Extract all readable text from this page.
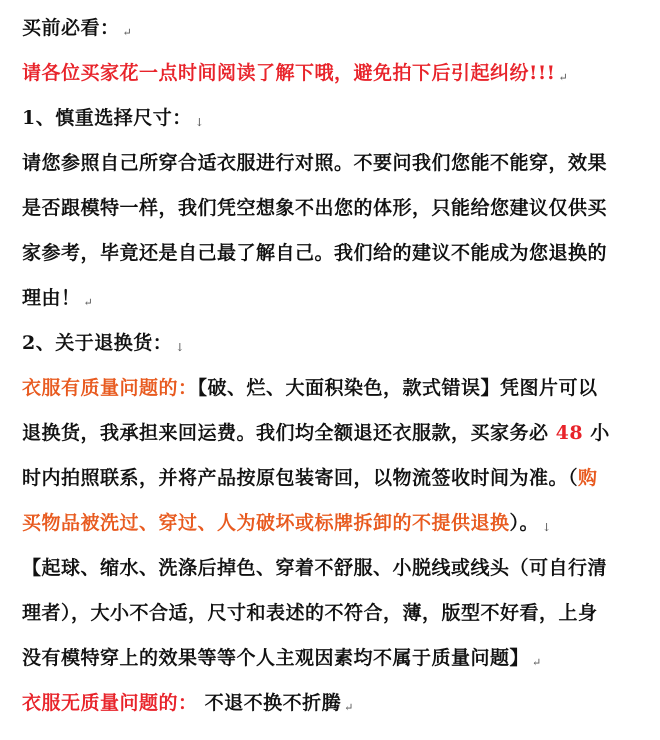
买前必看： ↵
请各位买家花一点时间阅读了解下哦，避免拍下后引起纠纷!!! ↵
1、慎重选择尺寸： ↓
请您参照自己所穿合适衣服进行对照。不要问我们您能不能穿，效果
是否跟模特一样，我们凭空想象不出您的体形，只能给您建议仅供买
家参考，毕竟还是自己最了解自己。我们给的建议不能成为您退换的
理由！ ↵
2、关于退换货： ↓
衣服有质量问题的：【破、烂、大面积染色，款式错误】凭图片可以
退换货，我承担来回运费。我们均全额退还衣服款，买家务必 48 小
时内拍照联系，并将产品按原包装寄回，以物流签收时间为准。（购
买物品被洗过、穿过、人为破坏或标牌拆卸的不提供退换）。 ↓
【起球、缩水、洗涤后掉色、穿着不舒服、小脱线或线头（可自行清
理者），大小不合适，尺寸和表述的不符合，薄，版型不好看，上身
没有模特穿上的效果等等个人主观因素均不属于质量问题】 ↵
衣服无质量问题的： 不退不换不折腾 ↵
